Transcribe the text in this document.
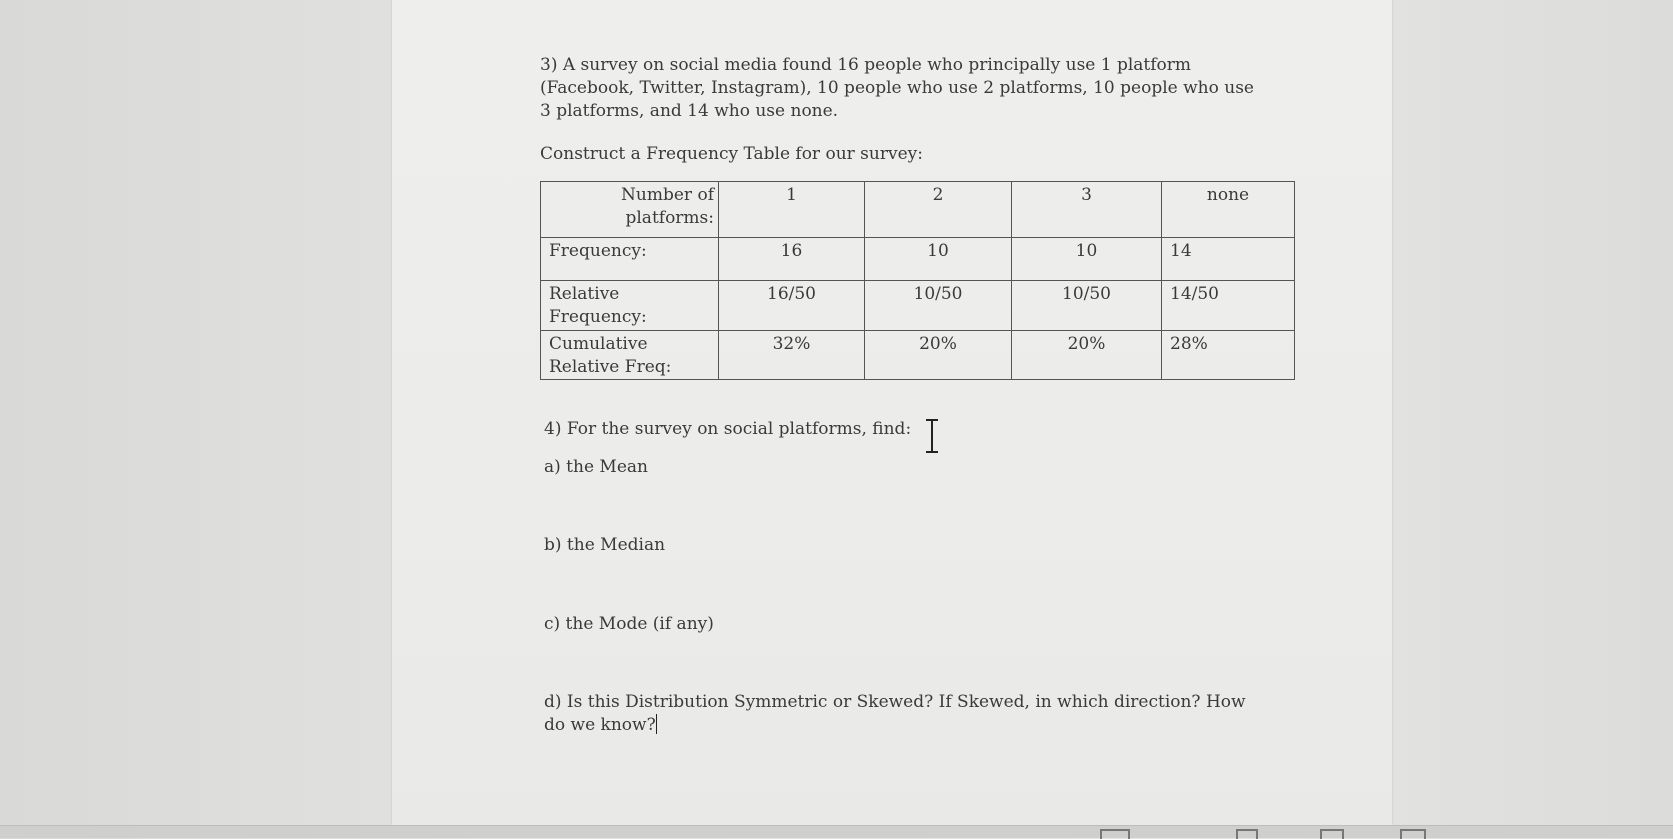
3) A survey on social media found 16 people who principally use 1 platform
(Facebook, Twitter, Instagram), 10 people who use 2 platforms, 10 people who use
3 platforms, and 14 who use none.
Construct a Frequency Table for our survey:
Number of
platforms:	1	2	3	none
Frequency:	16	10	10	14

Relative
Frequency:	16/50	10/50	10/50	14/50

Cumulative
Relative Freq:	32%	20%	20%	28%
4) For the survey on social platforms, find:
a) the Mean
b) the Median
c) the Mode (if any)
d) Is this Distribution Symmetric or Skewed? If Skewed, in which direction? How
do we know?
